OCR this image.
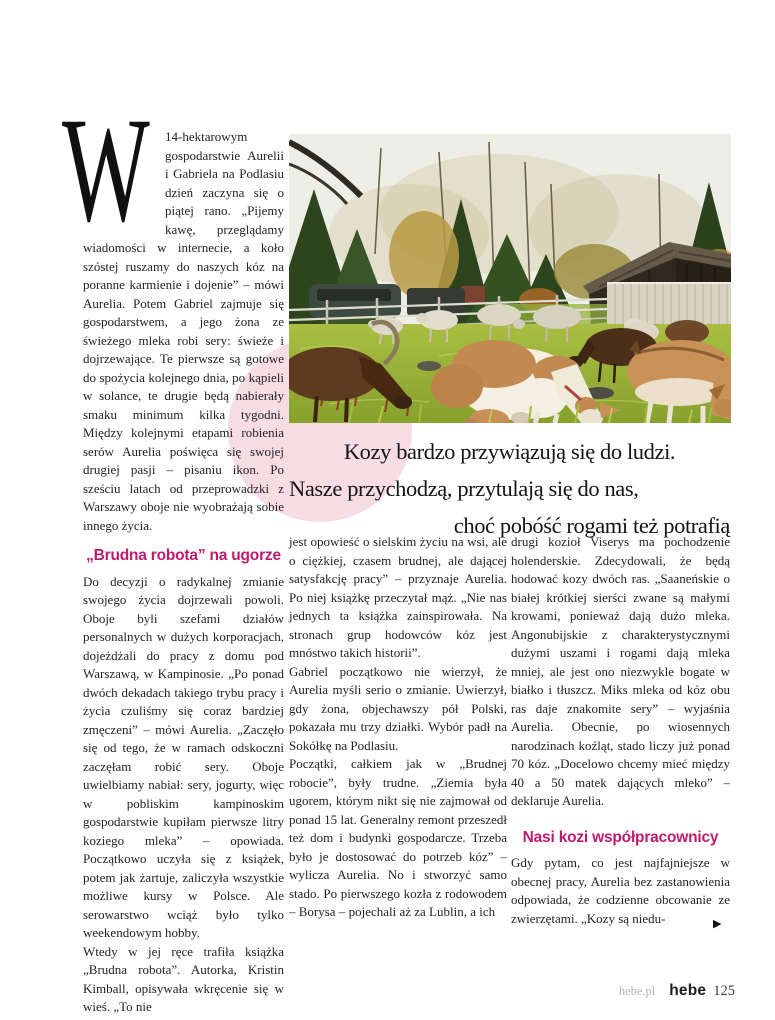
Kozy bardzo przywiązują się do ludzi.
Nasze przychodzą, przytulają się do nas,
choć pobóść rogami też potrafią

W 14-hektarowym gospodarstwie Aurelii i Gabriela na Podlasiu dzień zaczyna się o piątej rano. „Pijemy kawę, przeglądamy wiadomości w internecie, a koło szóstej ruszamy do naszych kóz na poranne karmienie i dojenie” – mówi Aurelia. Potem Gabriel zajmuje się gospodarstwem, a jego żona ze świeżego mleka robi sery: świeże i dojrzewające. Te pierwsze są gotowe do spożycia kolejnego dnia, po kąpieli w solance, te drugie będą nabierały smaku minimum kilka tygodni. Między kolejnymi etapami robienia serów Aurelia poświęca się swojej drugiej pasji – pisaniu ikon. Po sześciu latach od przeprowadzki z Warszawy oboje nie wyobrażają sobie innego życia.

„Brudna robota” na ugorze

Do decyzji o radykalnej zmianie swojego życia dojrzewali powoli. Oboje byli szefami działów personalnych w dużych korporacjach, dojeżdżali do pracy z domu pod Warszawą, w Kampinosie. „Po ponad dwóch dekadach takiego trybu pracy i życia czuliśmy się coraz bardziej zmęczeni” – mówi Aurelia. „Zaczęło się od tego, że w ramach odskoczni zaczęłam robić sery. Oboje uwielbiamy nabiał: sery, jogurty, więc w pobliskim kampinoskim gospodarstwie kupiłam pierwsze litry koziego mleka” – opowiada. Początkowo uczyła się z książek, potem jak żartuje, zaliczyła wszystkie możliwe kursy w Polsce. Ale serowarstwo wciąż było tylko weekendowym hobby.

Wtedy w jej ręce trafiła książka „Brudna robota”. Autorka, Kristin Kimball, opisywała wkręcenie się w wieś. „To nie

jest opowieść o sielskim życiu na wsi, ale o ciężkiej, czasem brudnej, ale dającej satysfakcję pracy” – przyznaje Aurelia. Po niej książkę przeczytał mąż. „Nie nas jednych ta książka zainspirowała. Na stronach grup hodowców kóz jest mnóstwo takich historii”.

Gabriel początkowo nie wierzył, że Aurelia myśli serio o zmianie. Uwierzył, gdy żona, objechawszy pół Polski, pokazała mu trzy działki. Wybór padł na Sokółkę na Podlasiu.

Początki, całkiem jak w „Brudnej robocie”, były trudne. „Ziemia była ugorem, którym nikt się nie zajmował od ponad 15 lat. Generalny remont przeszedł też dom i budynki gospodarcze. Trzeba było je dostosować do potrzeb kóz” – wylicza Aurelia. No i stworzyć samo stado. Po pierwszego kozła z rodowodem – Borysa – pojechali aż za Lublin, a ich

drugi kozioł Viserys ma pochodzenie holenderskie. Zdecydowali, że będą hodować kozy dwóch ras. „Saaneńskie o białej krótkiej sierści zwane są małymi krowami, ponieważ dają dużo mleka. Angonubijskie z charakterystycznymi dużymi uszami i rogami dają mleka mniej, ale jest ono niezwykle bogate w białko i tłuszcz. Miks mleka od kóz obu ras daje znakomite sery” – wyjaśnia Aurelia. Obecnie, po wiosennych narodzinach koźląt, stado liczy już ponad 70 kóz. „Docelowo chcemy mieć między 40 a 50 matek dających mleko” – deklaruje Aurelia.

Nasi kozi współpracownicy

Gdy pytam, co jest najfajniejsze w obecnej pracy, Aurelia bez zastanowienia odpowiada, że codzienne obcowanie ze zwierzętami. „Kozy są niedu-	▶
hebe.pl hebe 125
